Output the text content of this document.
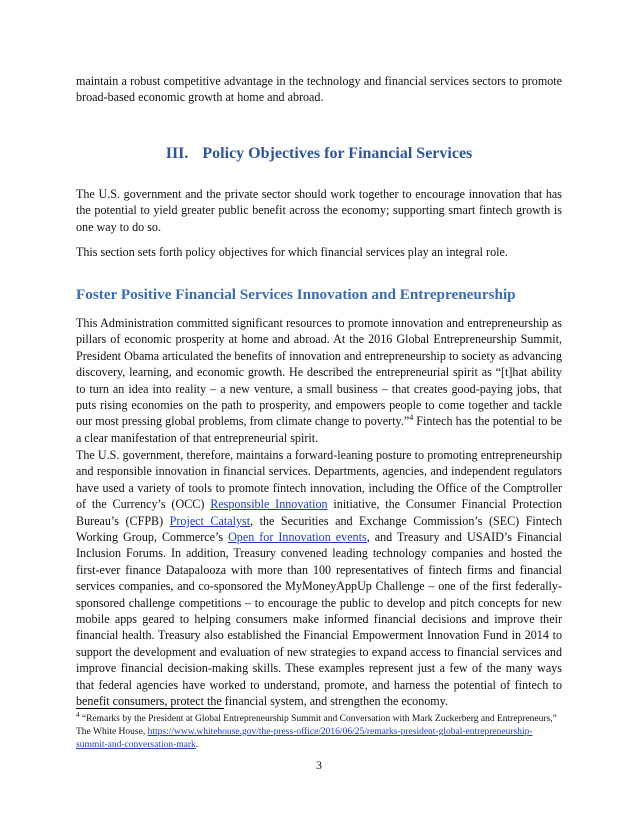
maintain a robust competitive advantage in the technology and financial services sectors to promote broad-based economic growth at home and abroad.

III. Policy Objectives for Financial Services

The U.S. government and the private sector should work together to encourage innovation that has the potential to yield greater public benefit across the economy; supporting smart fintech growth is one way to do so.

This section sets forth policy objectives for which financial services play an integral role.

Foster Positive Financial Services Innovation and Entrepreneurship

This Administration committed significant resources to promote innovation and entrepreneurship as pillars of economic prosperity at home and abroad. At the 2016 Global Entrepreneurship Summit, President Obama articulated the benefits of innovation and entrepreneurship to society as advancing discovery, learning, and economic growth. He described the entrepreneurial spirit as “[t]hat ability to turn an idea into reality – a new venture, a small business – that creates good-paying jobs, that puts rising economies on the path to prosperity, and empowers people to come together and tackle our most pressing global problems, from climate change to poverty.”$^4$ Fintech has the potential to be a clear manifestation of that entrepreneurial spirit.

The U.S. government, therefore, maintains a forward-leaning posture to promoting entrepreneurship and responsible innovation in financial services. Departments, agencies, and independent regulators have used a variety of tools to promote fintech innovation, including the Office of the Comptroller of the Currency’s (OCC) Responsible Innovation initiative, the Consumer Financial Protection Bureau’s (CFPB) Project Catalyst, the Securities and Exchange Commission’s (SEC) Fintech Working Group, Commerce’s Open for Innovation events, and Treasury and USAID’s Financial Inclusion Forums. In addition, Treasury convened leading technology companies and hosted the first-ever finance Datapalooza with more than 100 representatives of fintech firms and financial services companies, and co-sponsored the MyMoneyAppUp Challenge – one of the first federally-sponsored challenge competitions – to encourage the public to develop and pitch concepts for new mobile apps geared to helping consumers make informed financial decisions and improve their financial health. Treasury also established the Financial Empowerment Innovation Fund in 2014 to support the development and evaluation of new strategies to expand access to financial services and improve financial decision-making skills. These examples represent just a few of the many ways that federal agencies have worked to understand, promote, and harness the potential of fintech to benefit consumers, protect the financial system, and strengthen the economy.

$^4$ “Remarks by the President at Global Entrepreneurship Summit and Conversation with Mark Zuckerberg and Entrepreneurs,” The White House, https://www.whitehouse.gov/the-press-office/2016/06/25/remarks-president-global-entrepreneurship-summit-and-conversation-mark.
3
